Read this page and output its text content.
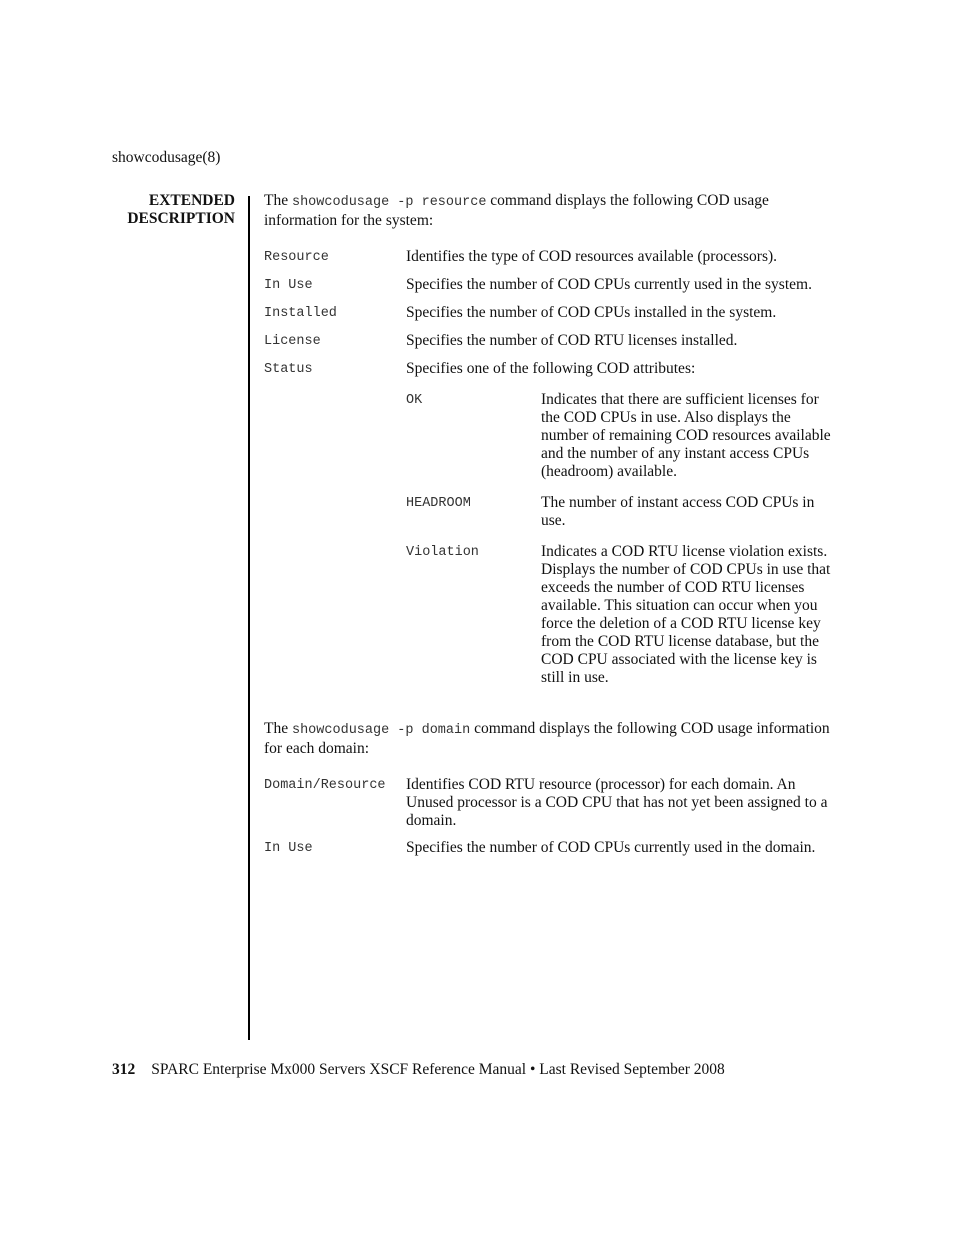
showcodusage(8)
EXTENDED
DESCRIPTION

The showcodusage -p resource command displays the following COD usage information for the system:

Resource	Identifies the type of COD resources available (processors).
In Use	Specifies the number of COD CPUs currently used in the system.
Installed	Specifies the number of COD CPUs installed in the system.
License	Specifies the number of COD RTU licenses installed.
Status	Specifies one of the following COD attributes:
OK	Indicates that there are sufficient licenses for the COD CPUs in use. Also displays the number of remaining COD resources available and the number of any instant access CPUs (headroom) available.
HEADROOM	The number of instant access COD CPUs in use.
Violation	Indicates a COD RTU license violation exists. Displays the number of COD CPUs in use that exceeds the number of COD RTU licenses available. This situation can occur when you force the deletion of a COD RTU license key from the COD RTU license database, but the COD CPU associated with the license key is still in use.

The showcodusage -p domain command displays the following COD usage information for each domain:

Domain/Resource	Identifies COD RTU resource (processor) for each domain. An Unused processor is a COD CPU that has not yet been assigned to a domain.
In Use	Specifies the number of COD CPUs currently used in the domain.
312 SPARC Enterprise Mx000 Servers XSCF Reference Manual • Last Revised September 2008
